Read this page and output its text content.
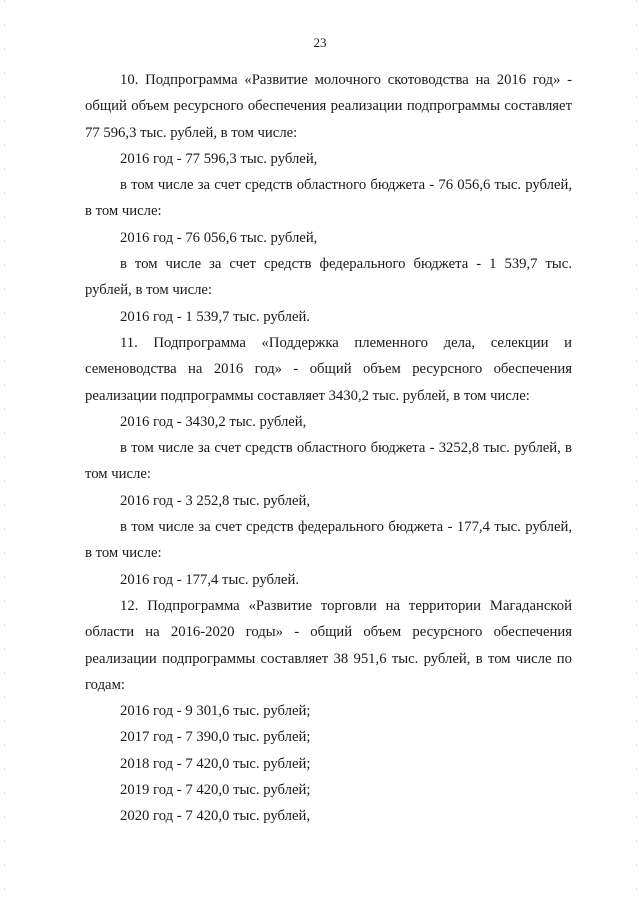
23

10. Подпрограмма «Развитие молочного скотоводства на 2016 год» - общий объем ресурсного обеспечения реализации подпрограммы составляет 77 596,3 тыс. рублей, в том числе:

2016 год - 77 596,3 тыс. рублей,

в том числе за счет средств областного бюджета - 76 056,6 тыс. рублей, в том числе:

2016 год - 76 056,6 тыс. рублей,

в том числе за счет средств федерального бюджета - 1 539,7 тыс. рублей, в том числе:

2016 год - 1 539,7 тыс. рублей.

11. Подпрограмма «Поддержка племенного дела, селекции и семеноводства на 2016 год» - общий объем ресурсного обеспечения реализации подпрограммы составляет 3430,2 тыс. рублей, в том числе:

2016 год - 3430,2 тыс. рублей,

в том числе за счет средств областного бюджета - 3252,8 тыс. рублей, в том числе:

2016 год - 3 252,8 тыс. рублей,

в том числе за счет средств федерального бюджета - 177,4 тыс. рублей, в том числе:

2016 год - 177,4 тыс. рублей.

12. Подпрограмма «Развитие торговли на территории Магаданской области на 2016-2020 годы» - общий объем ресурсного обеспечения реализации подпрограммы составляет 38 951,6 тыс. рублей, в том числе по годам:

2016 год - 9 301,6 тыс. рублей;

2017 год - 7 390,0 тыс. рублей;

2018 год - 7 420,0 тыс. рублей;

2019 год - 7 420,0 тыс. рублей;

2020 год - 7 420,0 тыс. рублей,
